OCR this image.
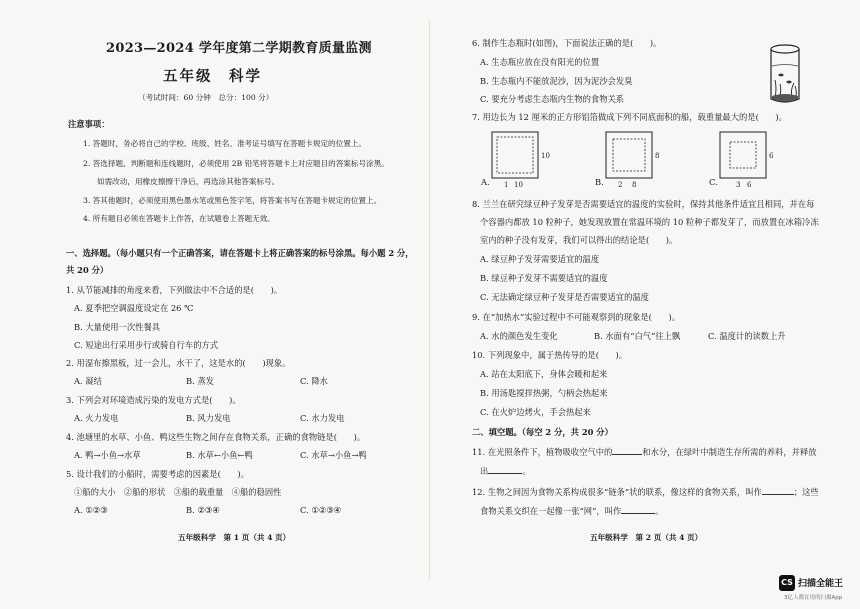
2023—2024 学年度第二学期教育质量监测
五年级　科学
（考试时间：60 分钟　总分：100 分）
注意事项：
1. 答题时，务必将自己的学校、班级、姓名、准考证号填写在答题卡规定的位置上。
2. 答选择题、判断题和连线题时，必须使用 2B 铅笔将答题卡上对应题目的答案标号涂黑。
如需改动，用橡皮擦擦干净后，再选涂其他答案标号。
3. 答其他题时，必须使用黑色墨水笔或黑色签字笔，将答案书写在答题卡规定的位置上。
4. 所有题目必须在答题卡上作答，在试题卷上答题无效。
一、选择题。（每小题只有一个正确答案，请在答题卡上将正确答案的标号涂黑。每小题 2 分，
共 20 分）
1. 从节能减排的角度来看，下列做法中不合适的是(　　)。
A. 夏季把空调温度设定在 26 ℃
B. 大量使用一次性餐具
C. 短途出行采用步行或骑自行车的方式
2. 用湿布擦黑板，过一会儿，水干了，这是水的(　　)现象。
A. 凝结	B. 蒸发	C. 降水
3. 下列会对环境造成污染的发电方式是(　　)。
A. 火力发电	B. 风力发电	C. 水力发电
4. 池塘里的水草、小鱼、鸭这些生物之间存在食物关系，正确的食物链是(　　)。
A. 鸭→小鱼→水草	B. 水草←小鱼←鸭	C. 水草→小鱼→鸭
5. 设计我们的小船时，需要考虑的因素是(　　)。
①船的大小　②船的形状　③船的载重量　④船的稳固性
A. ①②③	B. ②③④	C. ①②③④
五年级科学　第 1 页（共 4 页）
6. 制作生态瓶时(如图)，下面说法正确的是(　　)。
A. 生态瓶应放在没有阳光的位置
B. 生态瓶内不能放泥沙，因为泥沙会发臭
C. 要充分考虑生态瓶内生物的食物关系
7. 用边长为 12 厘米的正方形铝箔做成下列不同底面积的船，载重量最大的是(　　)。
1 10
10
2 8
8
3 6
6
A.	B.	C.
8. 兰兰在研究绿豆种子发芽是否需要适宜的温度的实验时，保持其他条件适宜且相同，并在每
个容器内都放 10 粒种子，她发现放置在常温环境的 10 粒种子都发芽了，而放置在冰箱冷冻
室内的种子没有发芽，我们可以得出的结论是(　　)。
A. 绿豆种子发芽需要适宜的温度
B. 绿豆种子发芽不需要适宜的温度
C. 无法确定绿豆种子发芽是否需要适宜的温度
9. 在“加热水”实验过程中不可能观察到的现象是(　　)。
A. 水的颜色发生变化	B. 水面有“白气”往上飘	C. 温度计的读数上升
10. 下列现象中，属于热传导的是(　　)。
A. 站在太阳底下，身体会暖和起来
B. 用汤匙搅拌热粥，勺柄会热起来
C. 在火炉边烤火，手会热起来
二、填空题。（每空 2 分，共 20 分）
11. 在光照条件下，植物吸收空气中的	和水分，在绿叶中制造生存所需的养料，并释放
出	。
12. 生物之间因为食物关系构成很多“链条”状的联系，像这样的食物关系，叫作	；这些
食物关系交织在一起像一张“网”，叫作	。
五年级科学　第 2 页（共 4 页）
CS 扫描全能王
3亿人都在用的扫描App
